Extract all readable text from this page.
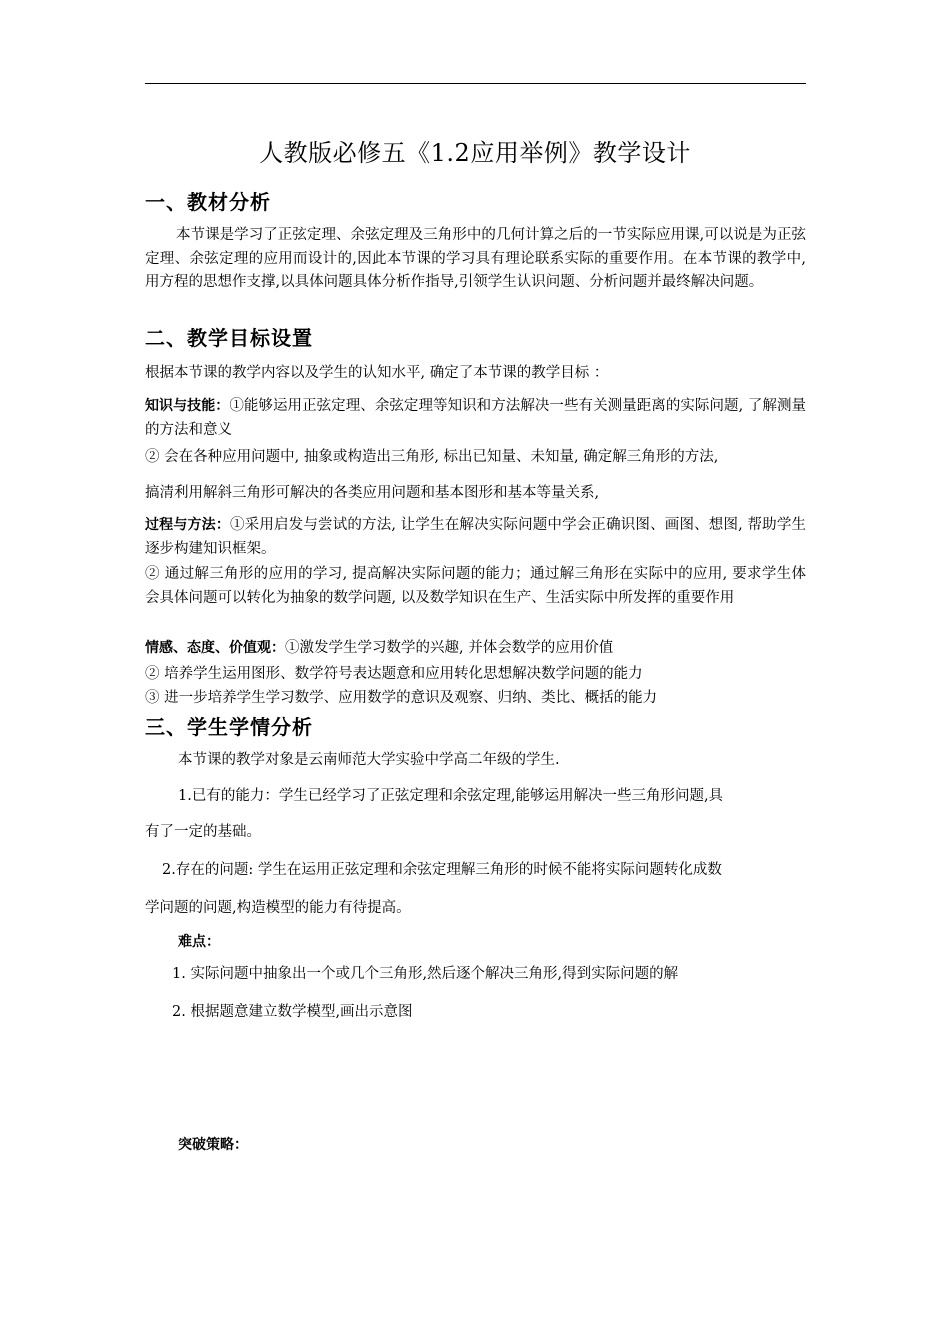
人教版必修五《1.2应用举例》教学设计
一、教材分析
本节课是学习了正弦定理、余弦定理及三角形中的几何计算之后的一节实际应用课,可以说是为正弦定理、余弦定理的应用而设计的,因此本节课的学习具有理论联系实际的重要作用。在本节课的教学中,用方程的思想作支撑,以具体问题具体分析作指导,引领学生认识问题、分析问题并最终解决问题。
二、教学目标设置
根据本节课的教学内容以及学生的认知水平, 确定了本节课的教学目标 ：
知识与技能：①能够运用正弦定理、余弦定理等知识和方法解决一些有关测量距离的实际问题, 了解测量的方法和意义
② 会在各种应用问题中, 抽象或构造出三角形, 标出已知量、未知量, 确定解三角形的方法,
搞清利用解斜三角形可解决的各类应用问题和基本图形和基本等量关系,
过程与方法：①采用启发与尝试的方法, 让学生在解决实际问题中学会正确识图、画图、想图, 帮助学生逐步构建知识框架。
② 通过解三角形的应用的学习, 提高解决实际问题的能力；通过解三角形在实际中的应用, 要求学生体会具体问题可以转化为抽象的数学问题, 以及数学知识在生产、生活实际中所发挥的重要作用
情感、态度、价值观：①激发学生学习数学的兴趣, 并体会数学的应用价值
② 培养学生运用图形、数学符号表达题意和应用转化思想解决数学问题的能力
③ 进一步培养学生学习数学、应用数学的意识及观察、归纳、类比、概括的能力
三、学生学情分析
本节课的教学对象是云南师范大学实验中学高二年级的学生.
1.已有的能力：学生已经学习了正弦定理和余弦定理,能够运用解决一些三角形问题,具
有了一定的基础。
2.存在的问题: 学生在运用正弦定理和余弦定理解三角形的时候不能将实际问题转化成数
学问题的问题,构造模型的能力有待提高。
难点：
1. 实际问题中抽象出一个或几个三角形,然后逐个解决三角形,得到实际问题的解
2. 根据题意建立数学模型,画出示意图
突破策略：
